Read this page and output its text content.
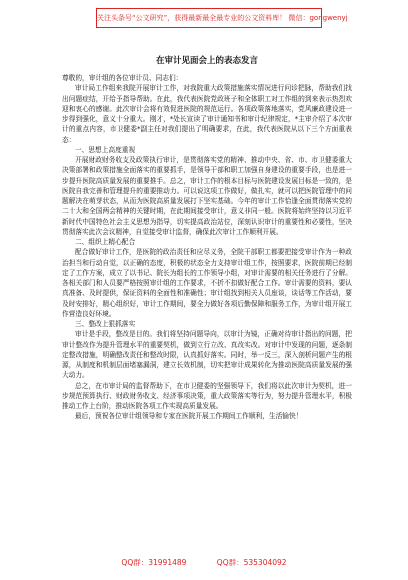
关注头条号“公文研究”，获得最新最全最专业的公文资料库！ 微信：gongwenyj
在审计见面会上的表态发言

尊敬的，审计组的各位审计员、同志们：

审计局工作组来我院开展审计工作，对我院重大政策措施落实情况进行问诊把脉，帮助我们找出问题症结，开给予指导帮助。在此，我代表医院党政班子和全体职工对工作组的到来表示热烈欢迎和衷心的感谢。此次审计会将有效促进医院的规范运行。各项政策落地落实，党风廉政建设进一步得到强化，意义十分重大。刚才，*处长宣读了审计通知书和审计纪律规定，*主审介绍了本次审计的重点内容，市卫健委*副主任对我们提出了明确要求，在此，我代表医院从以下三个方面重表态：

一、思想上高度重视

开展财政财务收支及政策执行审计，是贯彻落实党的精神、推动中央、省、市、市卫健委重大决策部署和政策措施全面落实的重要抓手，是领导干部和职工加强自身建设的重要手段，也是进一步提升医院高质量发展的重要推手。总之，审计工作的根本目标与医院建设发展目标是一致的，是医院自我完善和管理提升的重要推动力。可以说这项工作做好，做扎实，就可以把医院管理中的问题解决在萌芽状态，从而为医院高质量发展打下坚实基础。今年的审计工作恰逢全面贯彻落实党的二十大和全国两会精神的关键时期，在此期间接受审计，意义非同一般。医院将始终坚持以习近平新时代中国特色社会主义思想为指导，切实提高政治站位，深刻认识审计的重要性和必要性，坚决贯彻落实此次会议精神，自觉接受审计监督，确保此次审计工作顺利开展。

二、组织上精心配合

配合做好审计工作，是医院的政治责任和应尽义务，全院干部职工都要把接受审计作为一种政治担当和行动自觉，以正确的态度，积极的状态全力支持审计组工作，按照要求，医院前期已经制定了工作方案，成立了以书记、院长为组长的工作领导小组，对审计需要的相关任务进行了分解。各相关部门和人员要严格按照审计组的工作要求，不折不扣做好配合工作。审计需要的资料，要认真准备、及时提供，保证资料的全面性和准确性；审计组找到相关人员座谈，谈话等工作活动，要及时安排好，精心组织好，审计工作期间，要全力做好各项后勤保障和服务工作，为审计组开展工作营造良好环境。

三、整改上狠抓落实

审计是手段，整改是目的。我们将坚持问题导向，以审计为镜，正确对待审计指出的问题，把审计整改作为提升管理水平的重要契机，做到立行立改、真改实改。对审计中发现的问题，逐条制定整改措施，明确整改责任和整改时限，认真抓好落实。同时，举一反三，深入剖析问题产生的根源，从制度和机制层面堵塞漏洞，建立长效机制，切实把审计成果转化为推动医院高质量发展的强大动力。

总之，在市审计局的监督帮助下，在市卫健委的坚强领导下，我们将以此次审计为契机，进一步规范预算执行、财政财务收支、经济事项决策，重大政策落实等行为，努力提升管理水平，积极推动工作上台阶，推动医院各项工作实现高质量发展。

最后，预祝各位审计组领导和专家在医院开展工作期间工作顺利，生活愉快！

QQ群：31991489	QQ群：535304092
